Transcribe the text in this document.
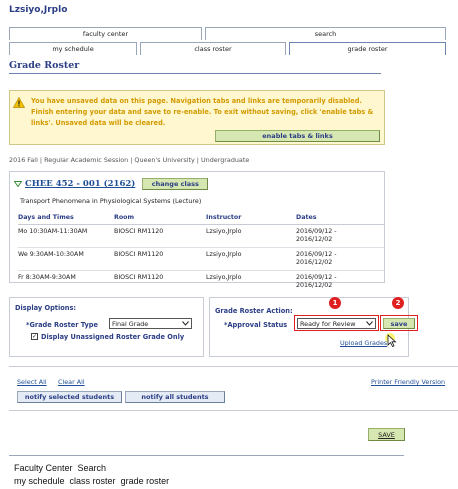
Lzsiyo,Jrplo
faculty center	search
my schedule	class roster	grade roster
Grade Roster
You have unsaved data on this page. Navigation tabs and links are temporarily disabled. Finish entering your data and save to re-enable. To exit without saving, click 'enable tabs & links'. Unsaved data will be cleared.
enable tabs & links
2016 Fall | Regular Academic Session | Queen's University | Undergraduate
CHEE 452 - 001 (2162)	change class
Transport Phenomena in Physiological Systems (Lecture)
Days and Times	Room	Instructor	Dates
Mo 10:30AM-11:30AM	BIOSCI RM1120	Lzsiyo,Jrplo	2016/09/12 -
2016/12/02

We 9:30AM-10:30AM	BIOSCI RM1120	Lzsiyo,Jrplo	2016/09/12 -
2016/12/02

Fr 8:30AM-9:30AM	BIOSCI RM1120	Lzsiyo,Jrplo	2016/09/12 -
2016/12/02
Display Options:
*Grade Roster Type Final Grade
✓ Display Unassigned Roster Grade Only
Grade Roster Action:
1	2
*Approval Status Ready for Review	save
Upload Grades
Select All Clear All	Printer Friendly Version
notify selected students	notify all students
SAVE
Faculty Center Search
my schedule class roster grade roster
